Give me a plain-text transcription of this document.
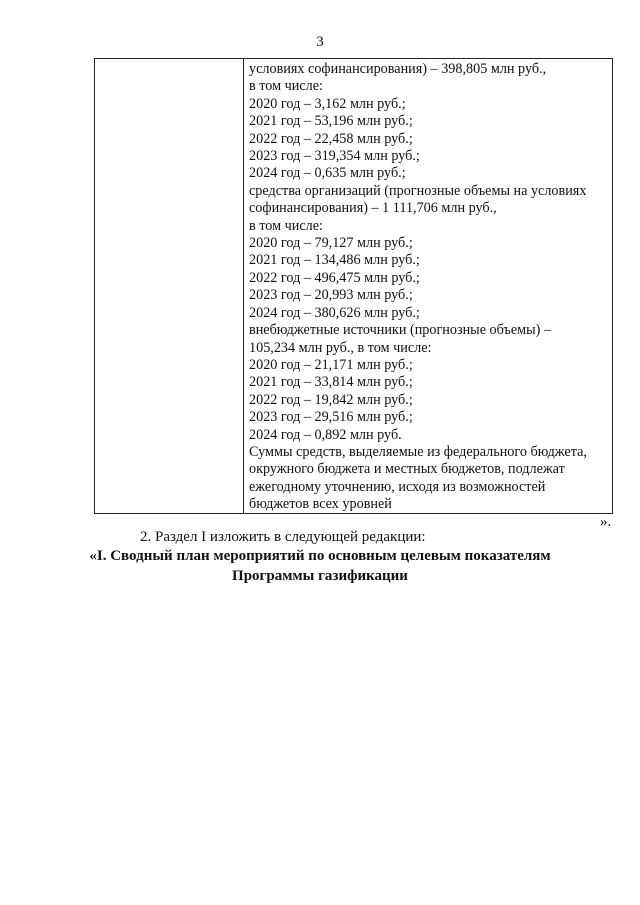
3
условиях софинансирования) – 398,805 млн руб.,
в том числе:
2020 год – 3,162 млн руб.;
2021 год – 53,196 млн руб.;
2022 год – 22,458 млн руб.;
2023 год – 319,354 млн руб.;
2024 год – 0,635 млн руб.;
средства организаций (прогнозные объемы на условиях
софинансирования) – 1 111,706 млн руб.,
в том числе:
2020 год – 79,127 млн руб.;
2021 год – 134,486 млн руб.;
2022 год – 496,475 млн руб.;
2023 год – 20,993 млн руб.;
2024 год – 380,626 млн руб.;
внебюджетные источники (прогнозные объемы) –
105,234 млн руб., в том числе:
2020 год – 21,171 млн руб.;
2021 год – 33,814 млн руб.;
2022 год – 19,842 млн руб.;
2023 год – 29,516 млн руб.;
2024 год – 0,892 млн руб.
Суммы средств, выделяемые из федерального бюджета,
окружного бюджета и местных бюджетов, подлежат
ежегодному уточнению, исходя из возможностей
бюджетов всех уровней
».
2. Раздел I изложить в следующей редакции:
«I. Сводный план мероприятий по основным целевым показателям
Программы газификации
